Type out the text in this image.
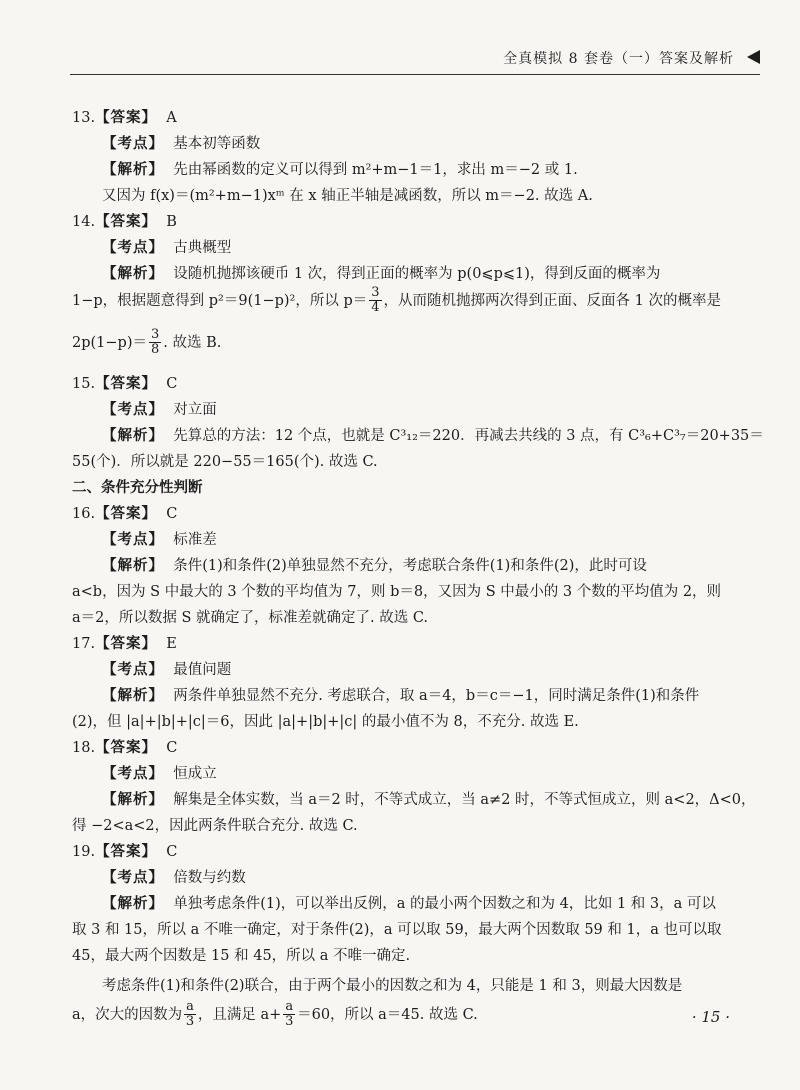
全真模拟 8 套卷（一）答案及解析
13.【答案】 A
【考点】 基本初等函数
【解析】 先由幂函数的定义可以得到 m²+m−1＝1，求出 m＝−2 或 1.
又因为 f(x)＝(m²+m−1)xᵐ 在 x 轴正半轴是减函数，所以 m＝−2. 故选 A.
14.【答案】 B
【考点】 古典概型
【解析】 设随机抛掷该硬币 1 次，得到正面的概率为 p(0⩽p⩽1)，得到反面的概率为
1−p，根据题意得到 p²＝9(1−p)²，所以 $p= \frac{3}{4}$ ，从而随机抛掷两次得到正面、反面各 1 次的概率是
$2p(1-p)= \frac{3}{8}$ . 故选 B.
15.【答案】 C
【考点】 对立面
【解析】 先算总的方法：12 个点，也就是 C³₁₂＝220．再减去共线的 3 点，有 C³₆+C³₇＝20+35＝
55(个)．所以就是 220−55＝165(个). 故选 C.
二、条件充分性判断
16.【答案】 C
【考点】 标准差
【解析】 条件(1)和条件(2)单独显然不充分，考虑联合条件(1)和条件(2)，此时可设
a<b，因为 S 中最大的 3 个数的平均值为 7，则 b＝8，又因为 S 中最小的 3 个数的平均值为 2，则
a＝2，所以数据 S 就确定了，标准差就确定了. 故选 C.
17.【答案】 E
【考点】 最值问题
【解析】 两条件单独显然不充分. 考虑联合，取 a＝4，b＝c＝−1，同时满足条件(1)和条件
(2)，但 |a|+|b|+|c|＝6，因此 |a|+|b|+|c| 的最小值不为 8，不充分. 故选 E.
18.【答案】 C
【考点】 恒成立
【解析】 解集是全体实数，当 a＝2 时，不等式成立，当 a≠2 时，不等式恒成立，则 a<2，Δ<0，
得 −2<a<2，因此两条件联合充分. 故选 C.
19.【答案】 C
【考点】 倍数与约数
【解析】 单独考虑条件(1)，可以举出反例，a 的最小两个因数之和为 4，比如 1 和 3，a 可以
取 3 和 15，所以 a 不唯一确定，对于条件(2)，a 可以取 59，最大两个因数取 59 和 1，a 也可以取
45，最大两个因数是 15 和 45，所以 a 不唯一确定.
考虑条件(1)和条件(2)联合，由于两个最小的因数之和为 4，只能是 1 和 3，则最大因数是
a，次大的因数为 $\frac{a}{3}$ ，且满足 $a+ \frac{a}{3} =60$，所以 a＝45. 故选 C.	· 15 ·
